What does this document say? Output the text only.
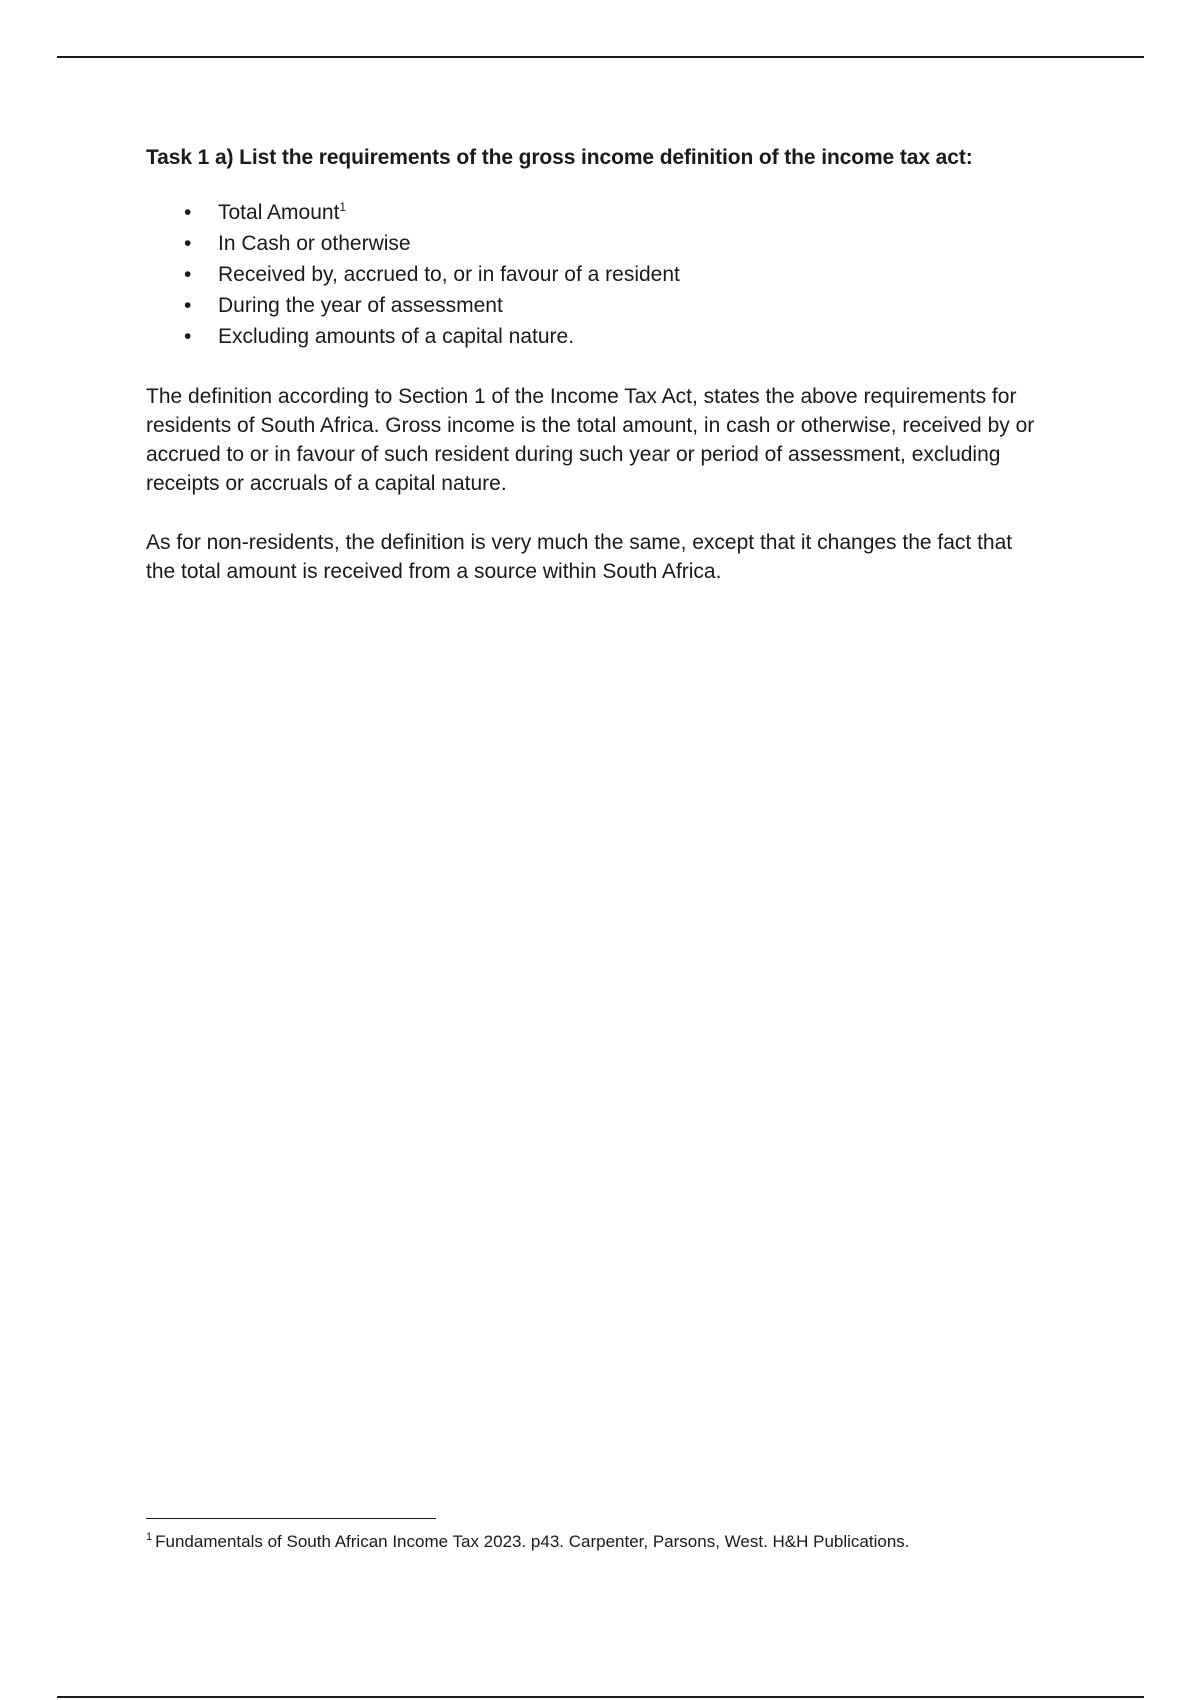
Task 1 a) List the requirements of the gross income definition of the income tax act:
• Total Amount$^1$
• In Cash or otherwise
• Received by, accrued to, or in favour of a resident
• During the year of assessment
• Excluding amounts of a capital nature.

The definition according to Section 1 of the Income Tax Act, states the above requirements for residents of South Africa. Gross income is the total amount, in cash or otherwise, received by or accrued to or in favour of such resident during such year or period of assessment, excluding receipts or accruals of a capital nature.

As for non-residents, the definition is very much the same, except that it changes the fact that the total amount is received from a source within South Africa.

$^1$ Fundamentals of South African Income Tax 2023. p43. Carpenter, Parsons, West. H&H Publications.
